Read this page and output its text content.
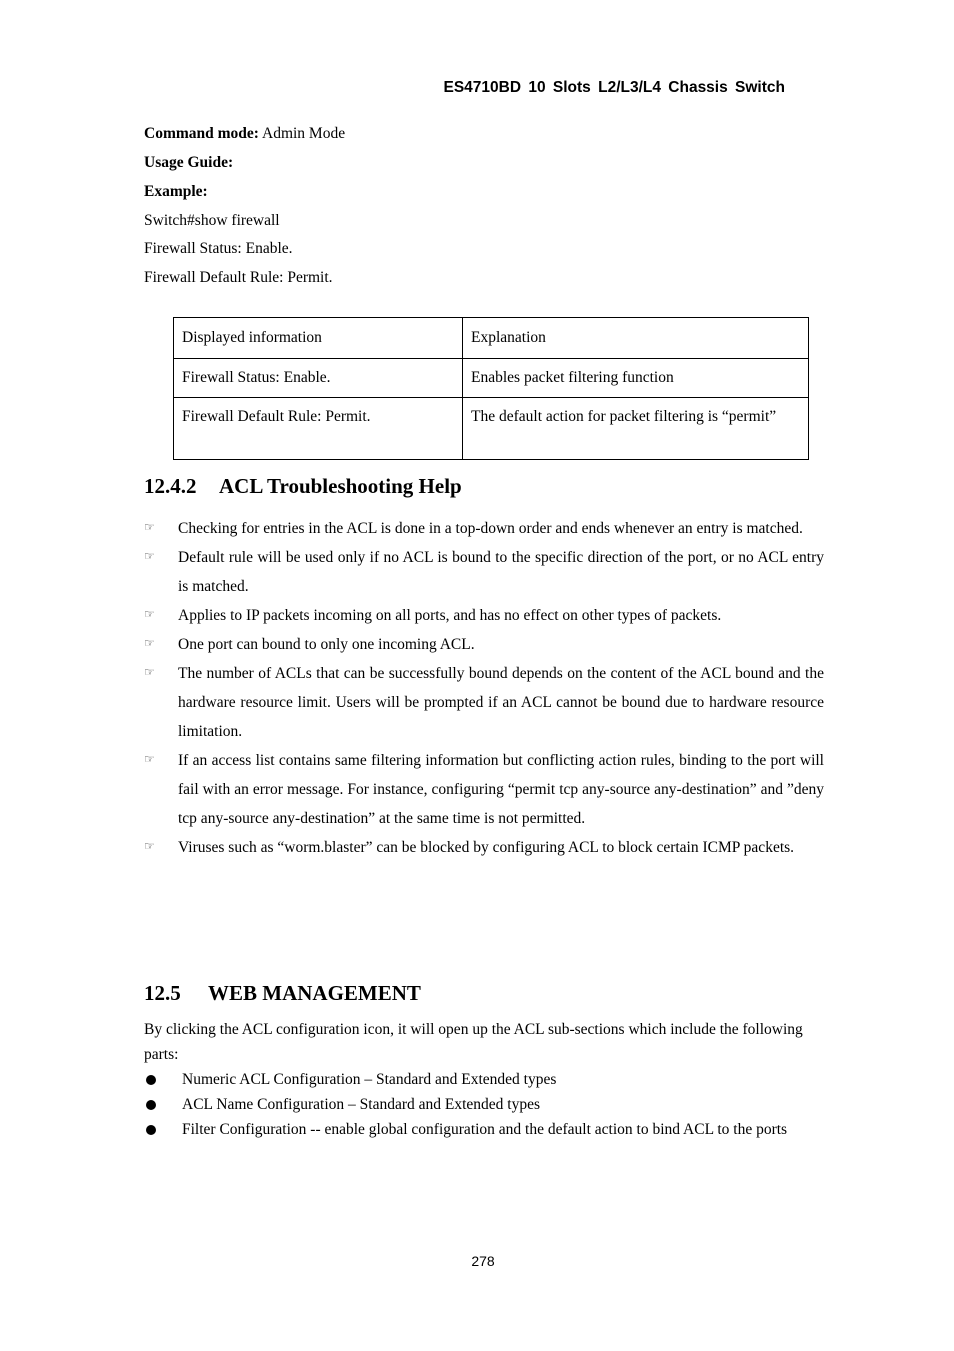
ES4710BD 10 Slots L2/L3/L4 Chassis Switch
Command mode: Admin Mode
Usage Guide:
Example:
Switch#show firewall
Firewall Status: Enable.
Firewall Default Rule: Permit.
Displayed information	Explanation
Firewall Status: Enable.	Enables packet filtering function
Firewall Default Rule: Permit.	The default action for packet filtering is “permit”
12.4.2 ACL Troubleshooting Help
☞	Checking for entries in the ACL is done in a top-down order and ends whenever an entry is matched.
☞	Default rule will be used only if no ACL is bound to the specific direction of the port, or no ACL entry is matched.
☞	Applies to IP packets incoming on all ports, and has no effect on other types of packets.
☞	One port can bound to only one incoming ACL.
☞	The number of ACLs that can be successfully bound depends on the content of the ACL bound and the hardware resource limit. Users will be prompted if an ACL cannot be bound due to hardware resource limitation.
☞	If an access list contains same filtering information but conflicting action rules, binding to the port will fail with an error message. For instance, configuring “permit tcp any-source any-destination” and ”deny tcp any-source any-destination” at the same time is not permitted.
☞	Viruses such as “worm.blaster” can be blocked by configuring ACL to block certain ICMP packets.
12.5 WEB MANAGEMENT
By clicking the ACL configuration icon, it will open up the ACL sub-sections which include the following parts:
Numeric ACL Configuration – Standard and Extended types
ACL Name Configuration – Standard and Extended types
Filter Configuration -- enable global configuration and the default action to bind ACL to the ports
278
